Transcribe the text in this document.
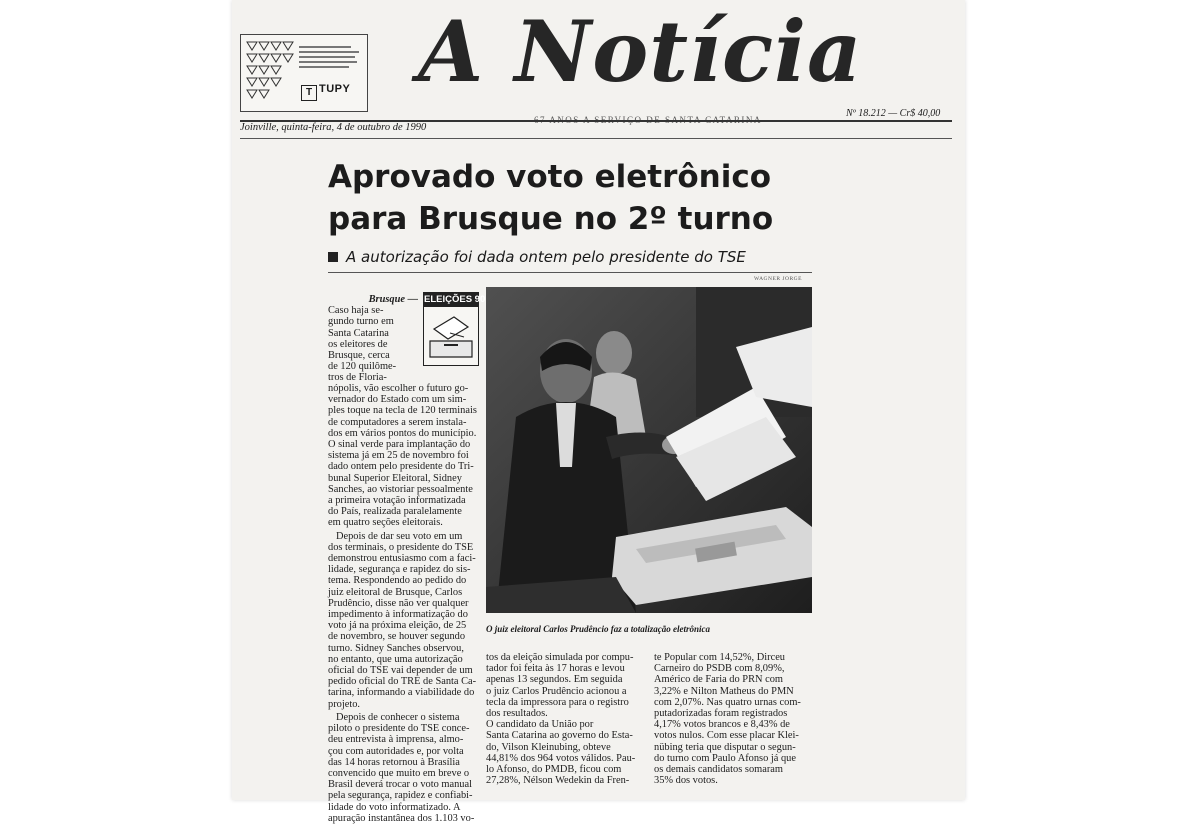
T TUPY A Notícia
Nº 18.212 — Cr$ 40,00
67 ANOS A SERVIÇO DE SANTA CATARINA
Joinville, quinta-feira, 4 de outubro de 1990
Aprovado voto eletrônico
para Brusque no 2º turno
A autorização foi dada ontem pelo presidente do TSE
Brusque —
Caso haja se-
gundo turno em
Santa Catarina
os eleitores de
Brusque, cerca
de 120 quilôme-
tros de Floria-
ELEIÇÕES 90
nópolis, vão escolher o futuro go-
vernador do Estado com um sim-
ples toque na tecla de 120 terminais
de computadores a serem instala-
dos em vários pontos do município.
O sinal verde para implantação do
sistema já em 25 de novembro foi
dado ontem pelo presidente do Tri-
bunal Superior Eleitoral, Sidney
Sanches, ao vistoriar pessoalmente
a primeira votação informatizada
do País, realizada paralelamente
em quatro seções eleitorais.
Depois de dar seu voto em um
dos terminais, o presidente do TSE
demonstrou entusiasmo com a faci-
lidade, segurança e rapidez do sis-
tema. Respondendo ao pedido do
juiz eleitoral de Brusque, Carlos
Prudêncio, disse não ver qualquer
impedimento à informatização do
voto já na próxima eleição, de 25
de novembro, se houver segundo
turno. Sidney Sanches observou,
no entanto, que uma autorização
oficial do TSE vai depender de um
pedido oficial do TRE de Santa Ca-
tarina, informando a viabilidade do
projeto.
Depois de conhecer o sistema
piloto o presidente do TSE conce-
deu entrevista à imprensa, almo-
çou com autoridades e, por volta
das 14 horas retornou à Brasília
convencido que muito em breve o
Brasil deverá trocar o voto manual
pela segurança, rapidez e confiabi-
lidade do voto informatizado. A
apuração instantânea dos 1.103 vo-
WAGNER JORGE
O juiz eleitoral Carlos Prudêncio faz a totalização eletrônica
tos da eleição simulada por compu-
tador foi feita às 17 horas e levou
apenas 13 segundos. Em seguida
o juiz Carlos Prudêncio acionou a
tecla da impressora para o registro
dos resultados.
O candidato da União por
Santa Catarina ao governo do Esta-
do, Vilson Kleinubing, obteve
44,81% dos 964 votos válidos. Pau-
lo Afonso, do PMDB, ficou com
27,28%, Nélson Wedekin da Fren-
te Popular com 14,52%, Dirceu
Carneiro do PSDB com 8,09%,
Américo de Faria do PRN com
3,22% e Nilton Matheus do PMN
com 2,07%. Nas quatro urnas com-
putadorizadas foram registrados
4,17% votos brancos e 8,43% de
votos nulos. Com esse placar Klei-
nübing teria que disputar o segun-
do turno com Paulo Afonso já que
os demais candidatos somaram
35% dos votos.
